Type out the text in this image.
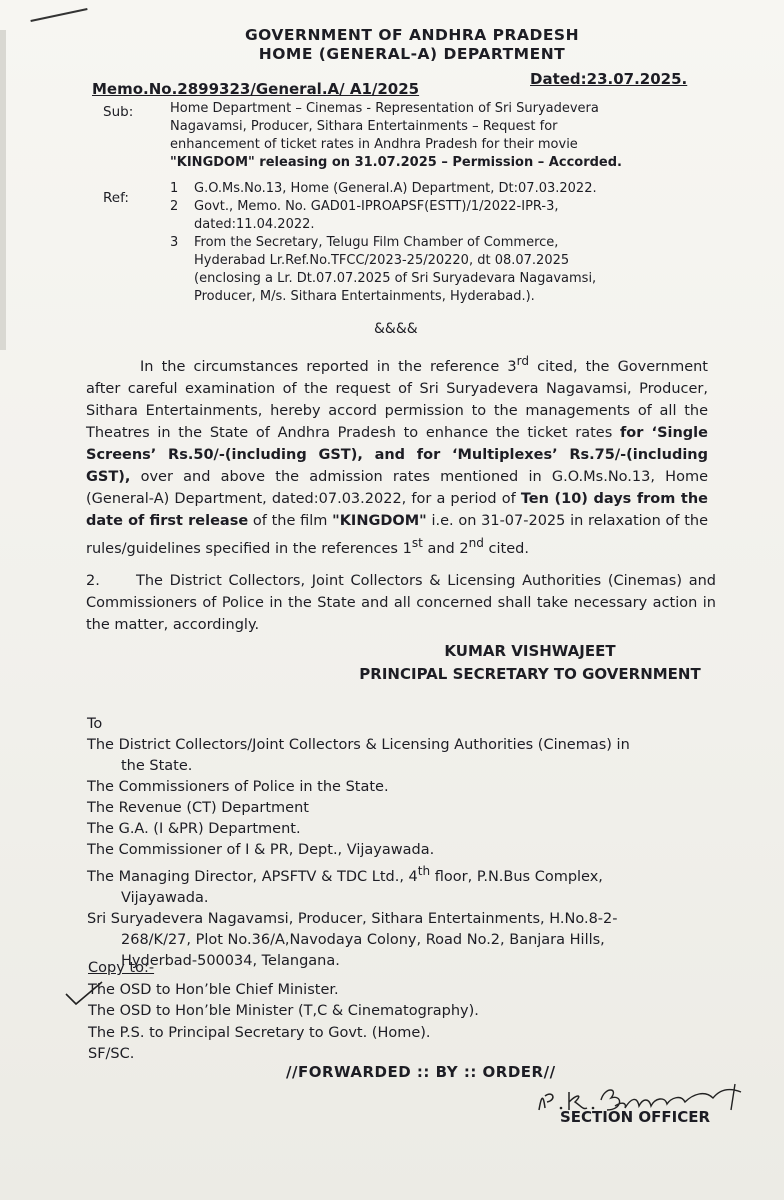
GOVERNMENT OF ANDHRA PRADESH
HOME (GENERAL-A) DEPARTMENT
Memo.No.2899323/General.A/ A1/2025
Dated:23.07.2025.
Sub:	Home Department – Cinemas - Representation of Sri Suryadevera
Nagavamsi, Producer, Sithara Entertainments – Request for
enhancement of ticket rates in Andhra Pradesh for their movie
"KINGDOM" releasing on 31.07.2025 – Permission – Accorded.
Ref:
1	G.O.Ms.No.13, Home (General.A) Department, Dt:07.03.2022.
2	Govt., Memo. No. GAD01-IPROAPSF(ESTT)/1/2022-IPR-3,
dated:11.04.2022.
3	From the Secretary, Telugu Film Chamber of Commerce,
Hyderabad Lr.Ref.No.TFCC/2023-25/20220, dt 08.07.2025
(enclosing a Lr. Dt.07.07.2025 of Sri Suryadevara Nagavamsi,
Producer, M/s. Sithara Entertainments, Hyderabad.).
&&&&
In the circumstances reported in the reference 3rd cited, the Government after careful examination of the request of Sri Suryadevera Nagavamsi, Producer, Sithara Entertainments, hereby accord permission to the managements of all the Theatres in the State of Andhra Pradesh to enhance the ticket rates for ‘Single Screens’ Rs.50/-(including GST), and for ‘Multiplexes’ Rs.75/-(including GST), over and above the admission rates mentioned in G.O.Ms.No.13, Home (General-A) Department, dated:07.03.2022, for a period of Ten (10) days from the date of first release of the film "KINGDOM" i.e. on 31-07-2025 in relaxation of the rules/guidelines specified in the references 1st and 2nd cited.
2. The District Collectors, Joint Collectors & Licensing Authorities (Cinemas) and Commissioners of Police in the State and all concerned shall take necessary action in the matter, accordingly.
KUMAR VISHWAJEET
PRINCIPAL SECRETARY TO GOVERNMENT
To
The District Collectors/Joint Collectors & Licensing Authorities (Cinemas) in
the State.
The Commissioners of Police in the State.
The Revenue (CT) Department
The G.A. (I &PR) Department.
The Commissioner of I & PR, Dept., Vijayawada.
The Managing Director, APSFTV & TDC Ltd., 4th floor, P.N.Bus Complex,
Vijayawada.
Sri Suryadevera Nagavamsi, Producer, Sithara Entertainments, H.No.8-2-
268/K/27, Plot No.36/A,Navodaya Colony, Road No.2, Banjara Hills,
Hyderbad-500034, Telangana.
Copy to:-
The OSD to Hon’ble Chief Minister.
The OSD to Hon’ble Minister (T,C & Cinematography).
The P.S. to Principal Secretary to Govt. (Home).
SF/SC.
//FORWARDED :: BY :: ORDER//
SECTION OFFICER
